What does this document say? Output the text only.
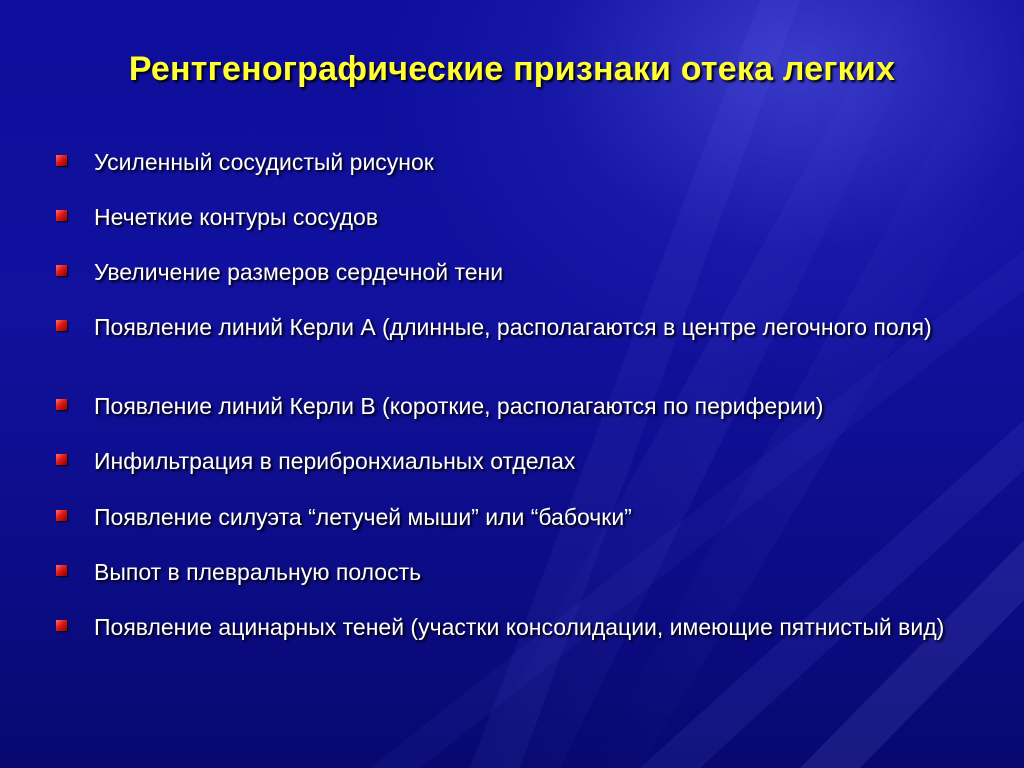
Рентгенографические признаки отека легких
Усиленный сосудистый рисунок
Нечеткие контуры сосудов
Увеличение размеров сердечной тени
Появление линий Керли А (длинные, располагаются в центре легочного поля)
Появление линий Керли В (короткие, располагаются по периферии)
Инфильтрация в перибронхиальных отделах
Появление силуэта “летучей мыши” или “бабочки”
Выпот в плевральную полость
Появление ацинарных теней (участки консолидации, имеющие пятнистый вид)
